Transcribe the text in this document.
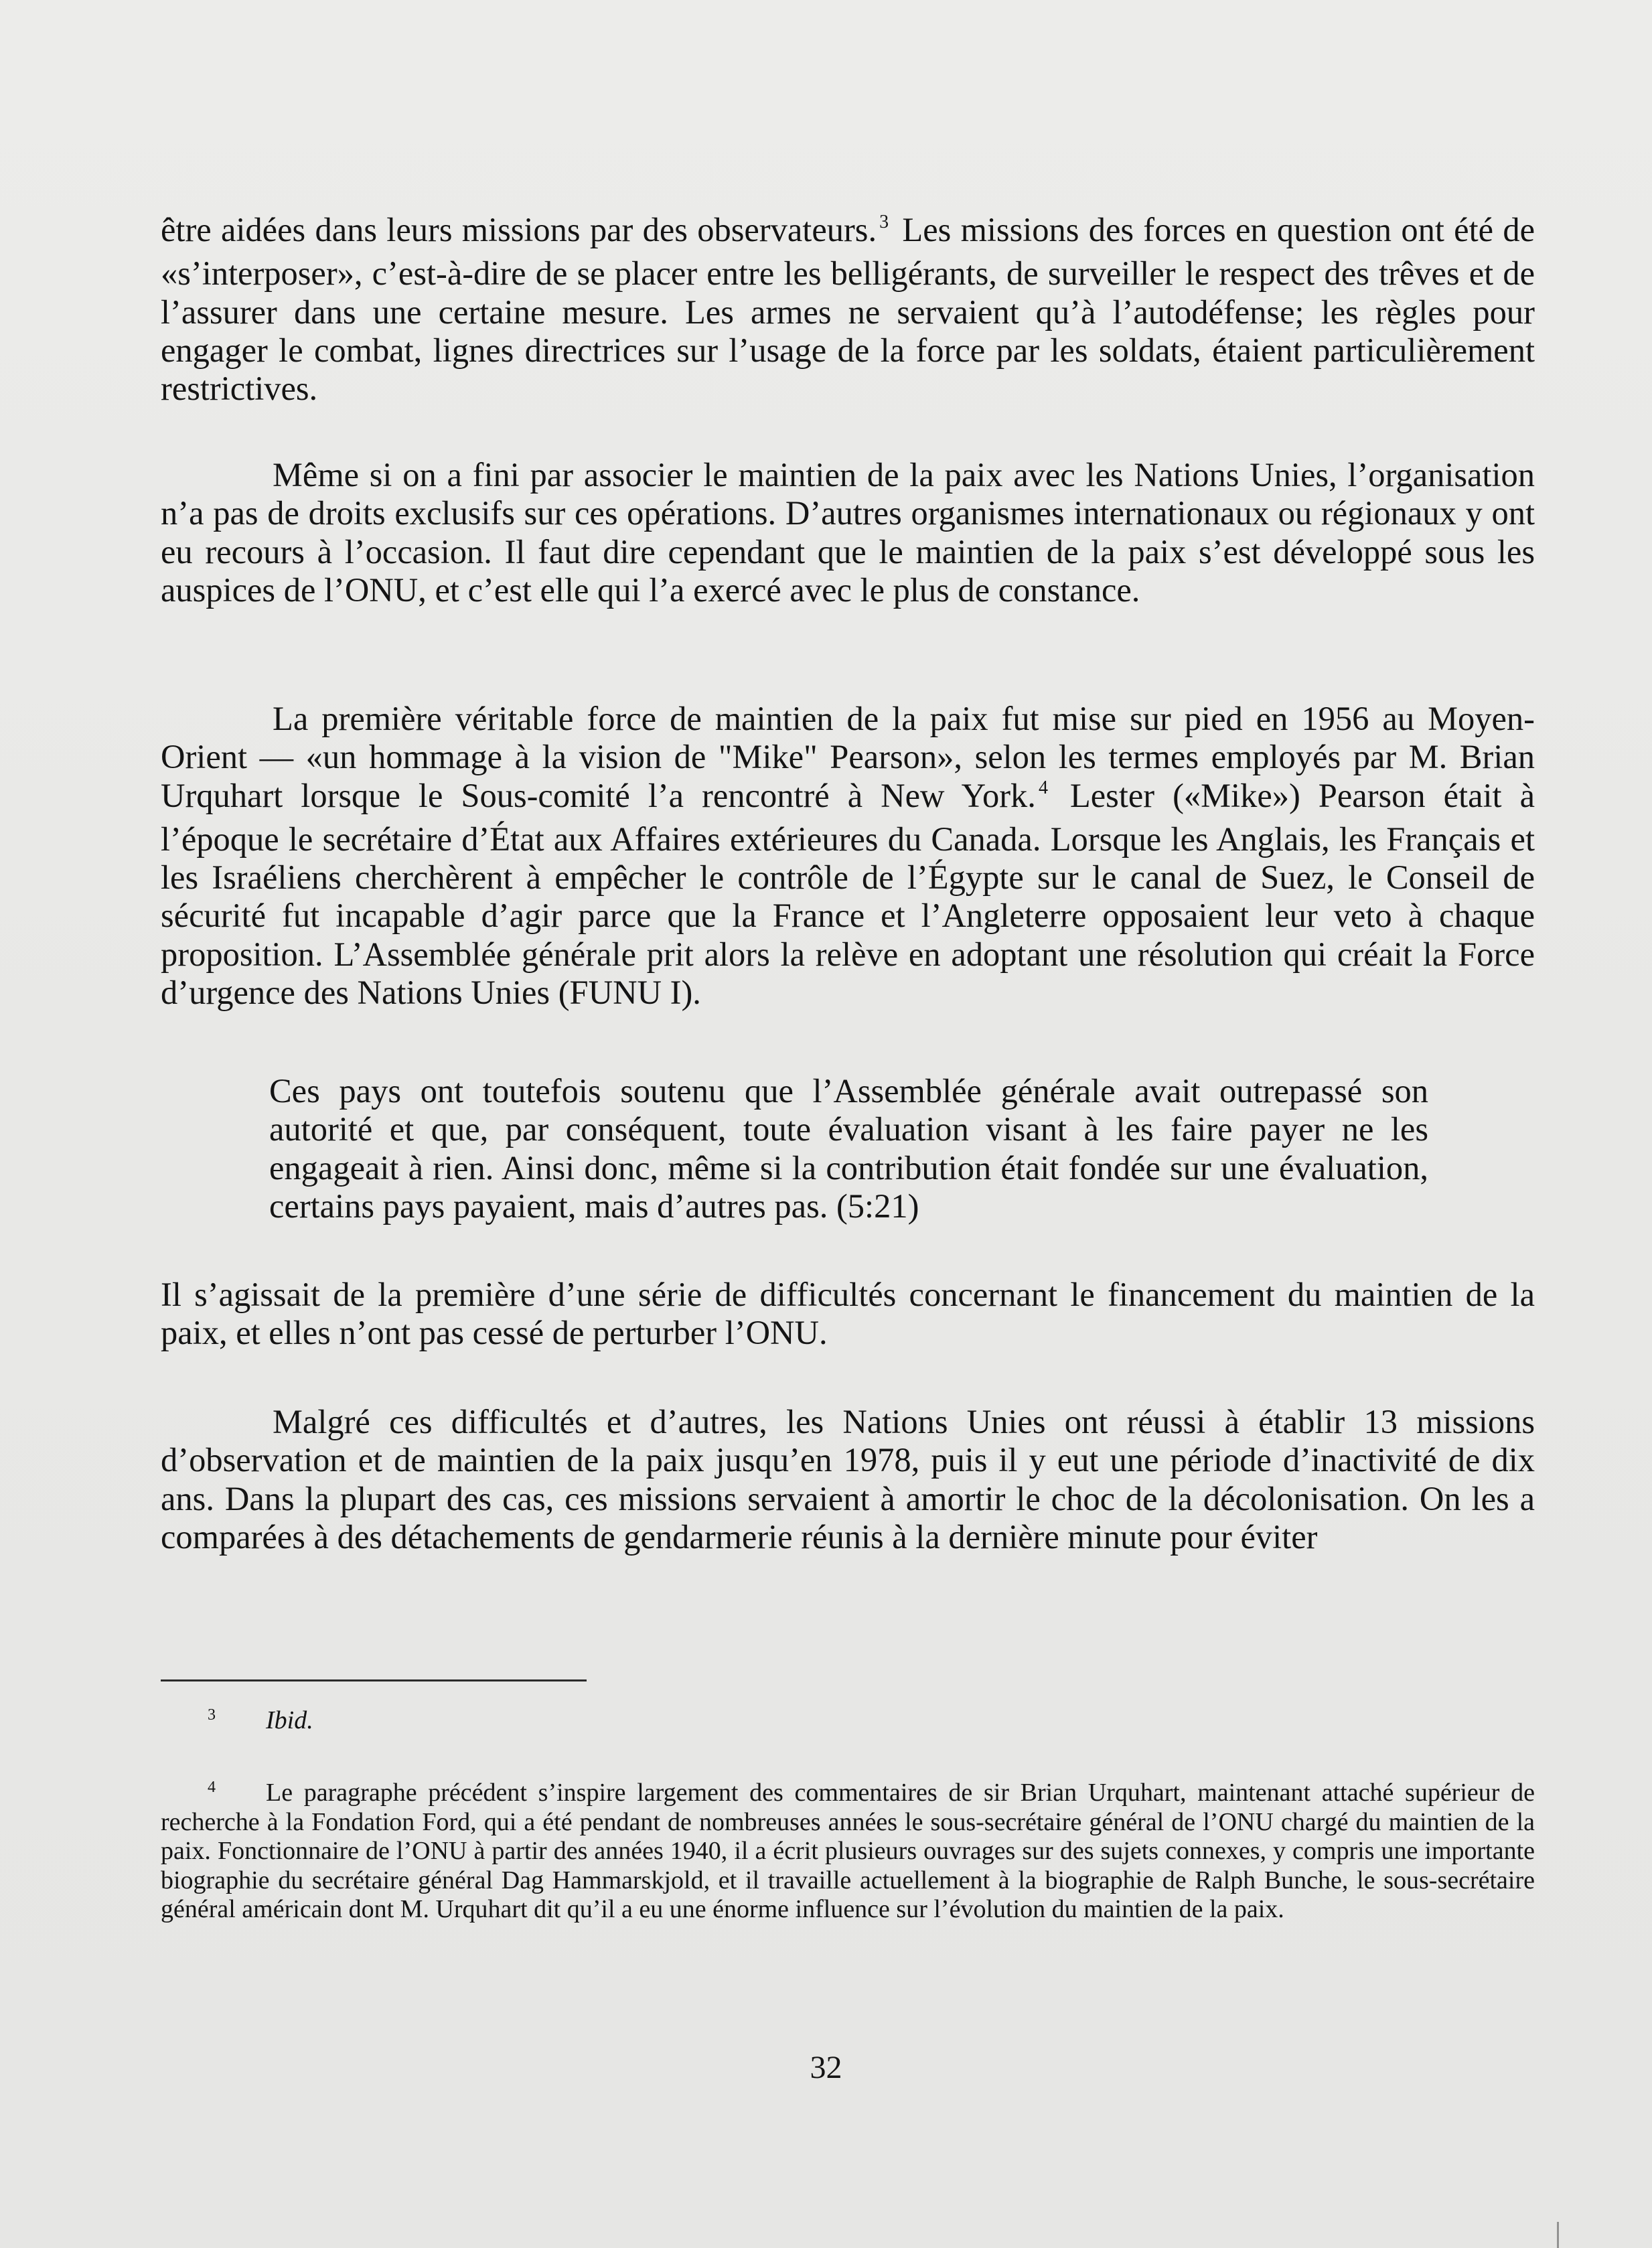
être aidées dans leurs missions par des observateurs. $^3$ Les missions des forces en question ont été de «s’interposer», c’est-à-dire de se placer entre les belligérants, de surveiller le respect des trêves et de l’assurer dans une certaine mesure. Les armes ne servaient qu’à l’autodéfense; les règles pour engager le combat, lignes directrices sur l’usage de la force par les soldats, étaient particulièrement restrictives.

Même si on a fini par associer le maintien de la paix avec les Nations Unies, l’organisation n’a pas de droits exclusifs sur ces opérations. D’autres organismes internationaux ou régionaux y ont eu recours à l’occasion. Il faut dire cependant que le maintien de la paix s’est développé sous les auspices de l’ONU, et c’est elle qui l’a exercé avec le plus de constance.

La première véritable force de maintien de la paix fut mise sur pied en 1956 au Moyen-Orient — «un hommage à la vision de "Mike" Pearson», selon les termes employés par M. Brian Urquhart lorsque le Sous-comité l’a rencontré à New York. $^4$ Lester («Mike») Pearson était à l’époque le secrétaire d’État aux Affaires extérieures du Canada. Lorsque les Anglais, les Français et les Israéliens cherchèrent à empêcher le contrôle de l’Égypte sur le canal de Suez, le Conseil de sécurité fut incapable d’agir parce que la France et l’Angleterre opposaient leur veto à chaque proposition. L’Assemblée générale prit alors la relève en adoptant une résolution qui créait la Force d’urgence des Nations Unies (FUNU I).

Ces pays ont toutefois soutenu que l’Assemblée générale avait outrepassé son autorité et que, par conséquent, toute évaluation visant à les faire payer ne les engageait à rien. Ainsi donc, même si la contribution était fondée sur une évaluation, certains pays payaient, mais d’autres pas. (5:21)

Il s’agissait de la première d’une série de difficultés concernant le financement du maintien de la paix, et elles n’ont pas cessé de perturber l’ONU.

Malgré ces difficultés et d’autres, les Nations Unies ont réussi à établir 13 missions d’observation et de maintien de la paix jusqu’en 1978, puis il y eut une période d’inactivité de dix ans. Dans la plupart des cas, ces missions servaient à amortir le choc de la décolonisation. On les a comparées à des détachements de gendarmerie réunis à la dernière minute pour éviter

3 Ibid.
4	Le paragraphe précédent s’inspire largement des commentaires de sir Brian Urquhart, maintenant attaché supérieur de recherche à la Fondation Ford, qui a été pendant de nombreuses années le sous-secrétaire général de l’ONU chargé du maintien de la paix. Fonctionnaire de l’ONU à partir des années 1940, il a écrit plusieurs ouvrages sur des sujets connexes, y compris une importante biographie du secrétaire général Dag Hammarskjold, et il travaille actuellement à la biographie de Ralph Bunche, le sous-secrétaire général américain dont M. Urquhart dit qu’il a eu une énorme influence sur l’évolution du maintien de la paix.

32
